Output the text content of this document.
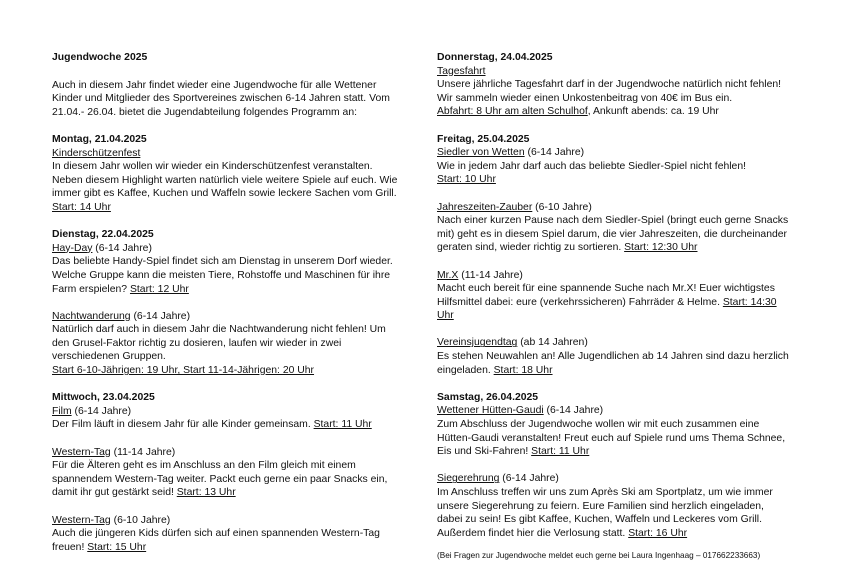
Jugendwoche 2025

Auch in diesem Jahr findet wieder eine Jugendwoche für alle Wettener Kinder und Mitglieder des Sportvereines zwischen 6-14 Jahren statt. Vom 21.04.- 26.04. bietet die Jugendabteilung folgendes Programm an:

Montag, 21.04.2025

Kinderschützenfest

In diesem Jahr wollen wir wieder ein Kinderschützenfest veranstalten. Neben diesem Highlight warten natürlich viele weitere Spiele auf euch. Wie immer gibt es Kaffee, Kuchen und Waffeln sowie leckere Sachen vom Grill. Start: 14 Uhr

Dienstag, 22.04.2025

Hay-Day (6-14 Jahre)

Das beliebte Handy-Spiel findet sich am Dienstag in unserem Dorf wieder. Welche Gruppe kann die meisten Tiere, Rohstoffe und Maschinen für ihre Farm erspielen? Start: 12 Uhr

Nachtwanderung (6-14 Jahre)

Natürlich darf auch in diesem Jahr die Nachtwanderung nicht fehlen! Um den Grusel-Faktor richtig zu dosieren, laufen wir wieder in zwei verschiedenen Gruppen.

Start 6-10-Jährigen: 19 Uhr, Start 11-14-Jährigen: 20 Uhr

Mittwoch, 23.04.2025

Film (6-14 Jahre)

Der Film läuft in diesem Jahr für alle Kinder gemeinsam. Start: 11 Uhr

Western-Tag (11-14 Jahre)

Für die Älteren geht es im Anschluss an den Film gleich mit einem spannendem Western-Tag weiter. Packt euch gerne ein paar Snacks ein, damit ihr gut gestärkt seid! Start: 13 Uhr

Western-Tag (6-10 Jahre)

Auch die jüngeren Kids dürfen sich auf einen spannenden Western-Tag freuen! Start: 15 Uhr

Donnerstag, 24.04.2025

Tagesfahrt

Unsere jährliche Tagesfahrt darf in der Jugendwoche natürlich nicht fehlen! Wir sammeln wieder einen Unkostenbeitrag von 40€ im Bus ein.

Abfahrt: 8 Uhr am alten Schulhof, Ankunft abends: ca. 19 Uhr

Freitag, 25.04.2025

Siedler von Wetten (6-14 Jahre)

Wie in jedem Jahr darf auch das beliebte Siedler-Spiel nicht fehlen!

Start: 10 Uhr

Jahreszeiten-Zauber (6-10 Jahre)

Nach einer kurzen Pause nach dem Siedler-Spiel (bringt euch gerne Snacks mit) geht es in diesem Spiel darum, die vier Jahreszeiten, die durcheinander geraten sind, wieder richtig zu sortieren. Start: 12:30 Uhr

Mr.X (11-14 Jahre)

Macht euch bereit für eine spannende Suche nach Mr.X! Euer wichtigstes Hilfsmittel dabei: eure (verkehrssicheren) Fahrräder & Helme. Start: 14:30 Uhr

Vereinsjugendtag (ab 14 Jahren)

Es stehen Neuwahlen an! Alle Jugendlichen ab 14 Jahren sind dazu herzlich eingeladen. Start: 18 Uhr

Samstag, 26.04.2025

Wettener Hütten-Gaudi (6-14 Jahre)

Zum Abschluss der Jugendwoche wollen wir mit euch zusammen eine Hütten-Gaudi veranstalten! Freut euch auf Spiele rund ums Thema Schnee, Eis und Ski-Fahren! Start: 11 Uhr

Siegerehrung (6-14 Jahre)

Im Anschluss treffen wir uns zum Après Ski am Sportplatz, um wie immer unsere Siegerehrung zu feiern. Eure Familien sind herzlich eingeladen, dabei zu sein! Es gibt Kaffee, Kuchen, Waffeln und Leckeres vom Grill. Außerdem findet hier die Verlosung statt. Start: 16 Uhr

(Bei Fragen zur Jugendwoche meldet euch gerne bei Laura Ingenhaag – 017662233663)
